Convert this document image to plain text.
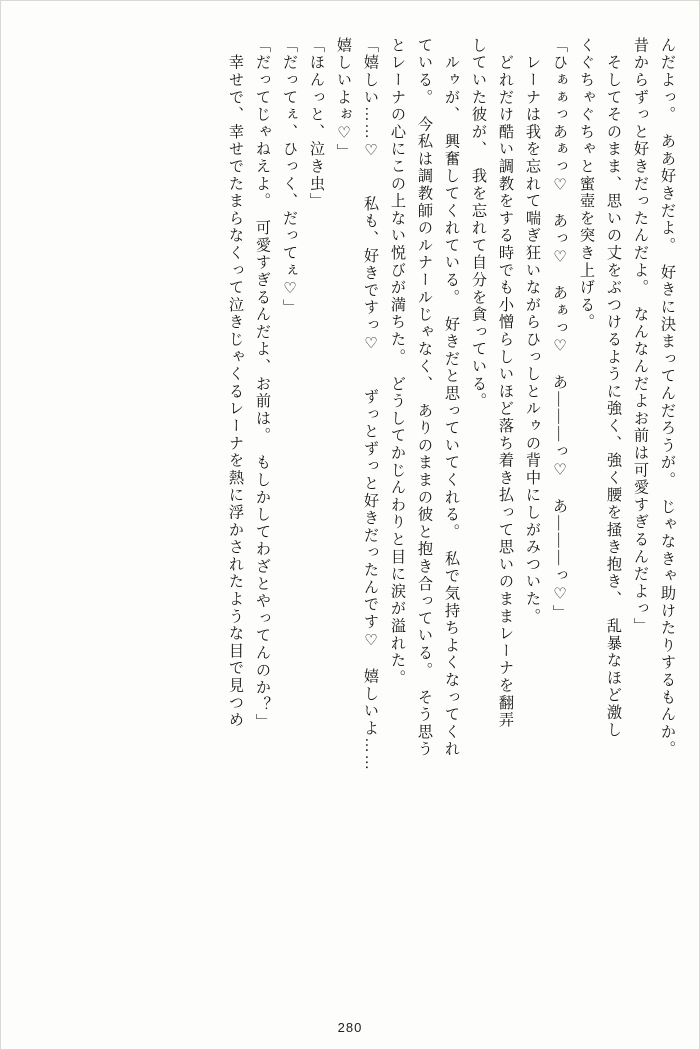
んだよっ。　ああ好きだよ。　好きに決まってんだろうが。　じゃなきゃ助けたりするもんか。
昔からずっと好きだったんだよ。　なんなんだよお前は可愛すぎるんだよっ」
　そしてそのまま、思いの丈をぶつけるように強く、強く腰を掻き抱き、　乱暴なほど激し
くぐちゃぐちゃと蜜壺を突き上げる。
「ひぁぁっあぁっ♡　あっ♡　あぁっ♡　あ―――っ♡　あ―――っ♡」
　レーナは我を忘れて喘ぎ狂いながらひっしとルゥの背中にしがみついた。
　どれだけ酷い調教をする時でも小憎らしいほど落ち着き払って思いのままレーナを翻弄
していた彼が、　我を忘れて自分を貪っている。
　ルゥが、　興奮してくれている。　好きだと思っていてくれる。　私で気持ちよくなってくれ
ている。　今私は調教師のルナールじゃなく、　ありのままの彼と抱き合っている。　そう思う
とレーナの心にこの上ない悦びが満ちた。　どうしてかじんわりと目に涙が溢れた。
「嬉しい……♡　　私も、好きですっ♡　　ずっとずっと好きだったんです♡　嬉しいよ……
嬉しいよぉ♡」
「ほんっと、泣き虫」
「だってぇ、ひっく、だってぇ♡」
「だってじゃねえよ。　可愛すぎるんだよ、お前は。　もしかしてわざとやってんのか？」
　幸せで、幸せでたまらなくって泣きじゃくるレーナを熱に浮かされたような目で見つめ
280
